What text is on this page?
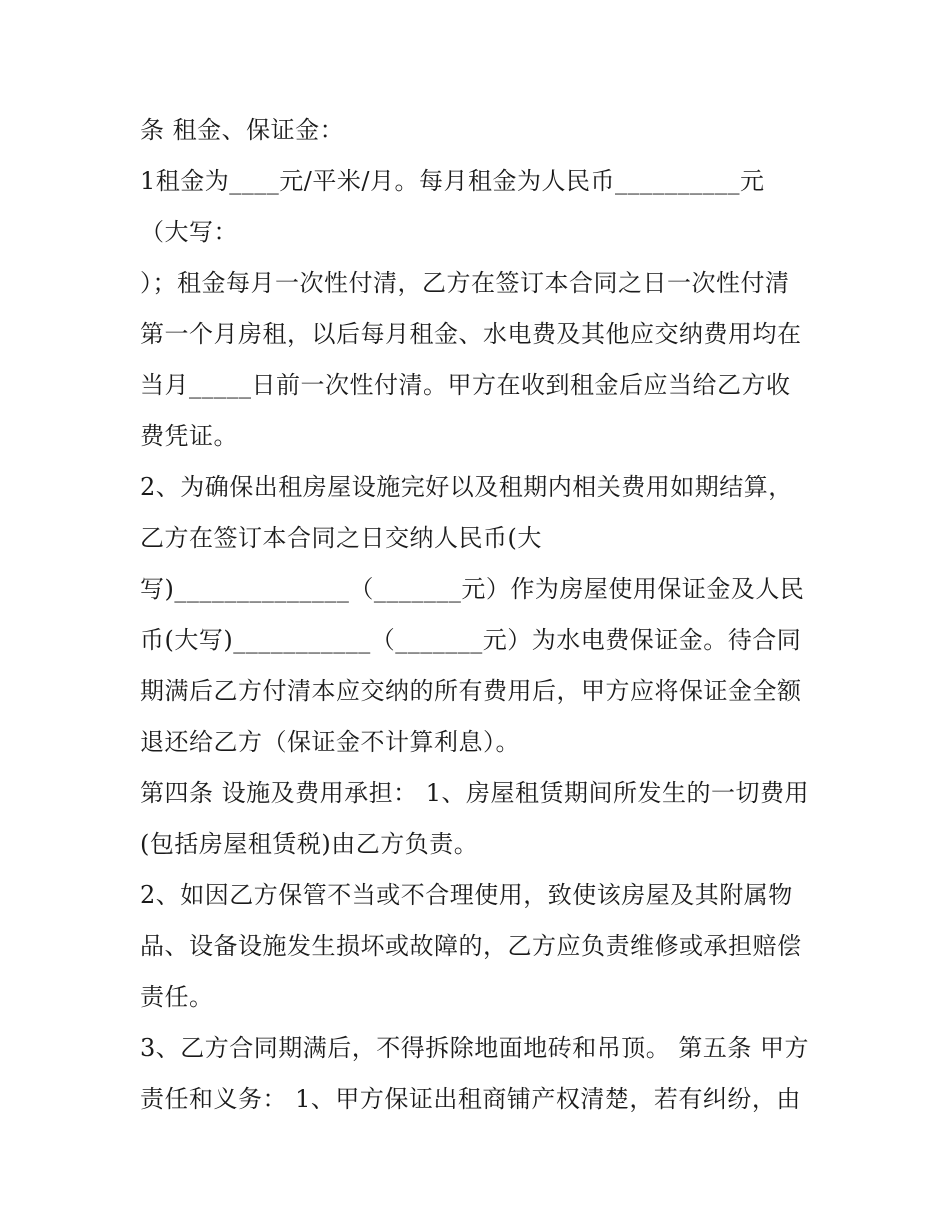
条 租金、保证金：
1租金为____元/平米/月。每月租金为人民币__________元
（大写：
）；租金每月一次性付清，乙方在签订本合同之日一次性付清
第一个月房租，以后每月租金、水电费及其他应交纳费用均在
当月_____日前一次性付清。甲方在收到租金后应当给乙方收
费凭证。
2、为确保出租房屋设施完好以及租期内相关费用如期结算，
乙方在签订本合同之日交纳人民币(大
写)______________（_______元）作为房屋使用保证金及人民
币(大写)___________（_______元）为水电费保证金。待合同
期满后乙方付清本应交纳的所有费用后，甲方应将保证金全额
退还给乙方（保证金不计算利息）。
第四条 设施及费用承担： 1、房屋租赁期间所发生的一切费用
(包括房屋租赁税)由乙方负责。
2、如因乙方保管不当或不合理使用，致使该房屋及其附属物
品、设备设施发生损坏或故障的，乙方应负责维修或承担赔偿
责任。
3、乙方合同期满后，不得拆除地面地砖和吊顶。 第五条 甲方
责任和义务： 1、甲方保证出租商铺产权清楚，若有纠纷，由
